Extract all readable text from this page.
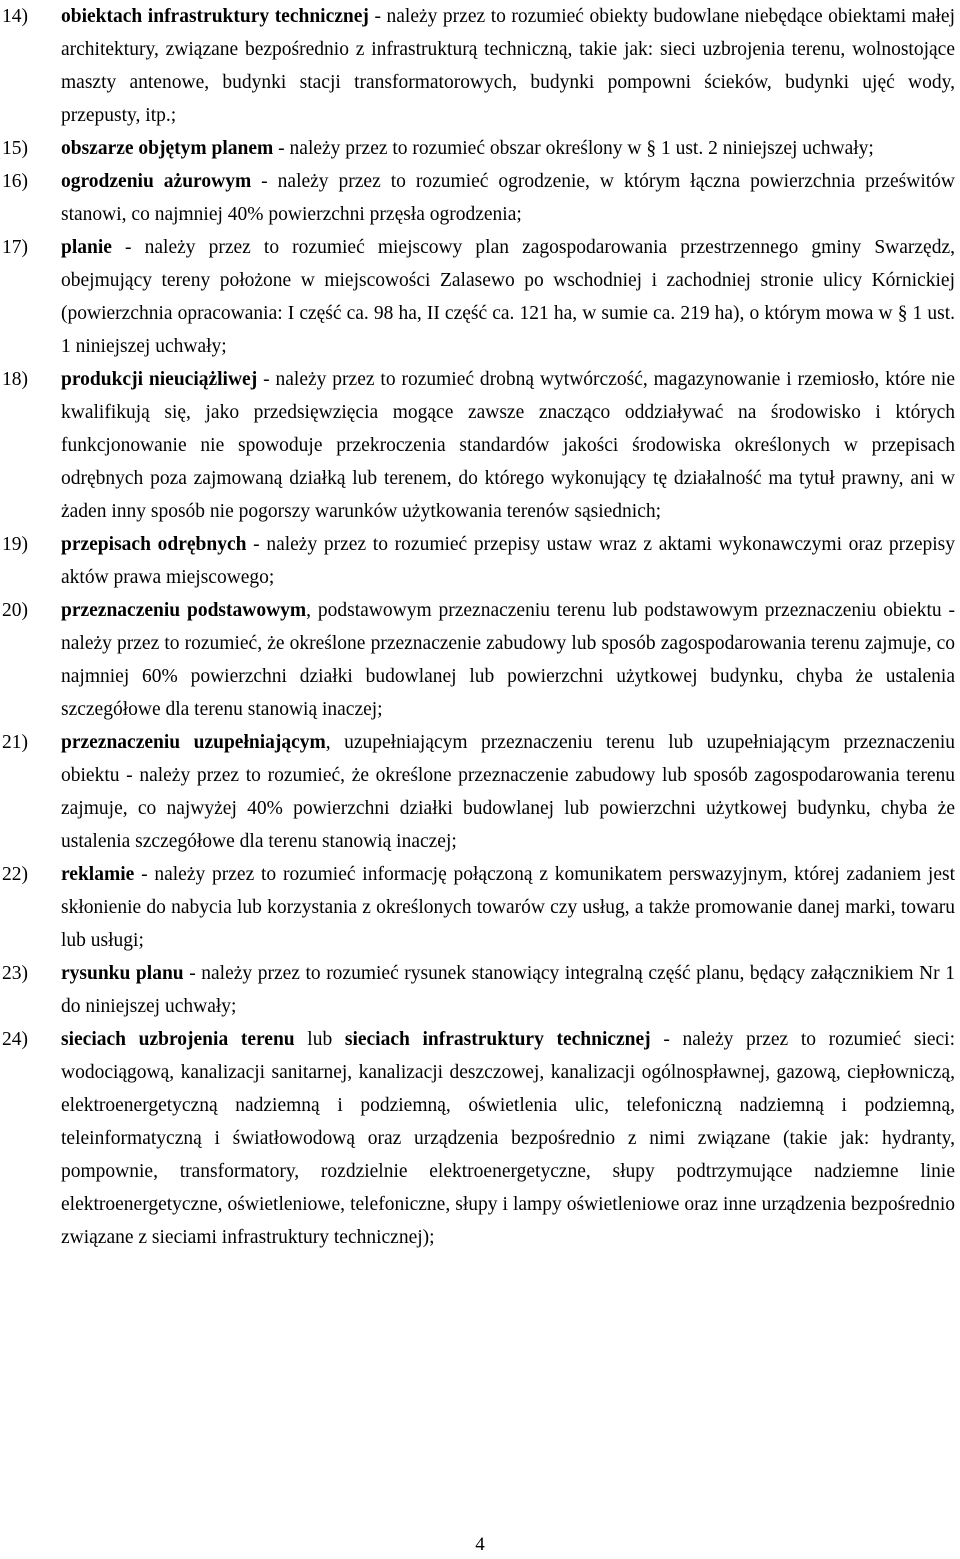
14)	obiektach infrastruktury technicznej - należy przez to rozumieć obiekty budowlane niebędące obiektami małej architektury, związane bezpośrednio z infrastrukturą techniczną, takie jak: sieci uzbrojenia terenu, wolnostojące maszty antenowe, budynki stacji transformatorowych, budynki pompowni ścieków, budynki ujęć wody, przepusty, itp.;
15)	obszarze objętym planem - należy przez to rozumieć obszar określony w § 1 ust. 2 niniejszej uchwały;
16)	ogrodzeniu ażurowym - należy przez to rozumieć ogrodzenie, w którym łączna powierzchnia prześwitów stanowi, co najmniej 40% powierzchni przęsła ogrodzenia;
17)	planie - należy przez to rozumieć miejscowy plan zagospodarowania przestrzennego gminy Swarzędz, obejmujący tereny położone w miejscowości Zalasewo po wschodniej i zachodniej stronie ulicy Kórnickiej (powierzchnia opracowania: I część ca. 98 ha, II część ca. 121 ha, w sumie ca. 219 ha), o którym mowa w § 1 ust. 1 niniejszej uchwały;
18)	produkcji nieuciążliwej - należy przez to rozumieć drobną wytwórczość, magazynowanie i rzemiosło, które nie kwalifikują się, jako przedsięwzięcia mogące zawsze znacząco oddziaływać na środowisko i których funkcjonowanie nie spowoduje przekroczenia standardów jakości środowiska określonych w przepisach odrębnych poza zajmowaną działką lub terenem, do którego wykonujący tę działalność ma tytuł prawny, ani w żaden inny sposób nie pogorszy warunków użytkowania terenów sąsiednich;
19)	przepisach odrębnych - należy przez to rozumieć przepisy ustaw wraz z aktami wykonawczymi oraz przepisy aktów prawa miejscowego;
20)	przeznaczeniu podstawowym, podstawowym przeznaczeniu terenu lub podstawowym przeznaczeniu obiektu - należy przez to rozumieć, że określone przeznaczenie zabudowy lub sposób zagospodarowania terenu zajmuje, co najmniej 60% powierzchni działki budowlanej lub powierzchni użytkowej budynku, chyba że ustalenia szczegółowe dla terenu stanowią inaczej;
21)	przeznaczeniu uzupełniającym, uzupełniającym przeznaczeniu terenu lub uzupełniającym przeznaczeniu obiektu - należy przez to rozumieć, że określone przeznaczenie zabudowy lub sposób zagospodarowania terenu zajmuje, co najwyżej 40% powierzchni działki budowlanej lub powierzchni użytkowej budynku, chyba że ustalenia szczegółowe dla terenu stanowią inaczej;
22)	reklamie - należy przez to rozumieć informację połączoną z komunikatem perswazyjnym, której zadaniem jest skłonienie do nabycia lub korzystania z określonych towarów czy usług, a także promowanie danej marki, towaru lub usługi;
23)	rysunku planu - należy przez to rozumieć rysunek stanowiący integralną część planu, będący załącznikiem Nr 1 do niniejszej uchwały;
24)	sieciach uzbrojenia terenu lub sieciach infrastruktury technicznej - należy przez to rozumieć sieci: wodociągową, kanalizacji sanitarnej, kanalizacji deszczowej, kanalizacji ogólnospławnej, gazową, ciepłowniczą, elektroenergetyczną nadziemną i podziemną, oświetlenia ulic, telefoniczną nadziemną i podziemną, teleinformatyczną i światłowodową oraz urządzenia bezpośrednio z nimi związane (takie jak: hydranty, pompownie, transformatory, rozdzielnie elektroenergetyczne, słupy podtrzymujące nadziemne linie elektroenergetyczne, oświetleniowe, telefoniczne, słupy i lampy oświetleniowe oraz inne urządzenia bezpośrednio związane z sieciami infrastruktury technicznej);
4
